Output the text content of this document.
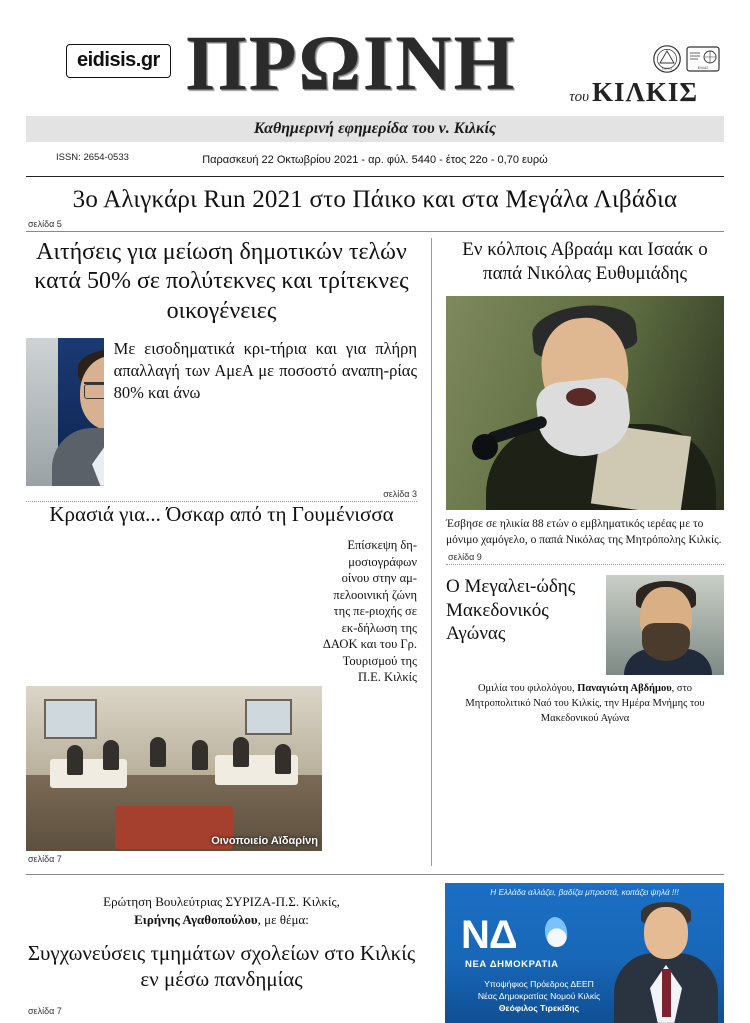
eidisis.gr ΠΡΩΙΝΗ	του ΚΙΛΚΙΣ
ΠΕΙΘΩ	ΕΛΛΑΣ
Καθημερινή εφημερίδα του ν. Κιλκίς
ISSN: 2654-0533	Παρασκευή 22 Οκτωβρίου 2021 - αρ. φύλ. 5440 - έτος 22ο - 0,70 ευρώ
3ο Αλιγκάρι Run 2021 στο Πάικο και στα Μεγάλα Λιβάδια
σελίδα 5
Αιτήσεις για μείωση δημοτικών τελών κατά 50% σε πολύτεκνες και τρίτεκνες οικογένειες
Με εισοδηματικά κρι-τήρια και για πλήρη απαλλαγή των ΑμεΑ με ποσοστό αναπη-ρίας 80% και άνω
σελίδα 3
Κρασιά για... Όσκαρ από τη Γουμένισσα
Επίσκεψη δη-μοσιογράφων οίνου στην αμ-πελοοινική ζώνη της πε-ριοχής σε εκ-δήλωση της ΔΑΟΚ και του Γρ. Τουρισμού της Π.Ε. Κιλκίς
Οινοποιείο Αϊδαρίνη
σελίδα 7
Εν κόλποις Αβραάμ και Ισαάκ ο παπά Νικόλας Ευθυμιάδης
Έσβησε σε ηλικία 88 ετών ο εμβληματικός ιερέας με το μόνιμο χαμόγελο, ο παπά Νικόλας της Μητρόπολης Κιλκίς.
σελίδα 9
Ο Μεγαλει-ώδης Μακεδονικός Αγώνας
Ομιλία του φιλολόγου, Παναγιώτη Αβδήμου, στο Μητροπολιτικό Ναό του Κιλκίς, την Ημέρα Μνήμης του Μακεδονικού Αγώνα
Ερώτηση Βουλεύτριας ΣΥΡΙΖΑ-Π.Σ. Κιλκίς,
Ειρήνης Αγαθοπούλου, με θέμα:
Συγχωνεύσεις τμημάτων σχολείων στο Κιλκίς εν μέσω πανδημίας
σελίδα 7
Η Ελλάδα αλλάζει, βαδίζει μπροστά, κοιτάζει ψηλά !!!
ΝΔ
ΝΕΑ ΔΗΜΟΚΡΑΤΙΑ
Υποψήφιος Πρόεδρος ΔΕΕΠ
Νέας Δημοκρατίας Νομού Κιλκίς
Θεόφιλος Τιρεκίδης
